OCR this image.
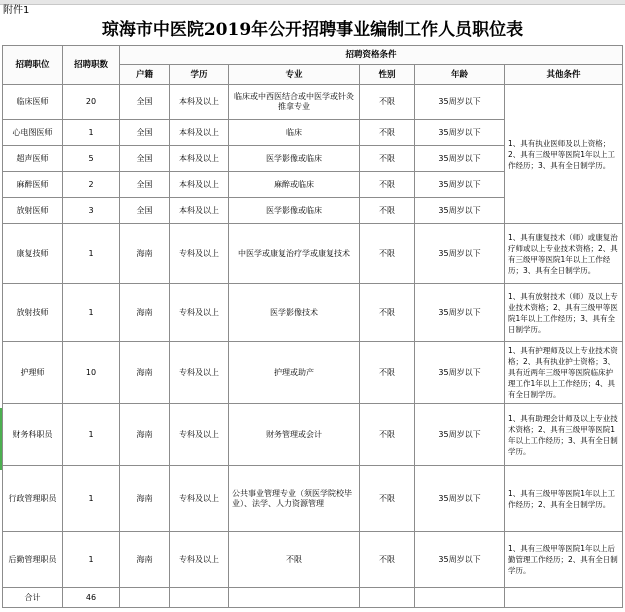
附件1
琼海市中医院2019年公开招聘事业编制工作人员职位表
招聘职位	招聘职数	招聘资格条件					
		户籍	学历	专业	性别	年龄	其他条件
临床医师	20	全国	本科及以上	临床或中西医结合或中医学或针灸推拿专业	不限	35周岁以下	1、具有执业医师及以上资格；2、具有三级甲等医院1年以上工作经历；3、具有全日制学历。
心电图医师	1	全国	本科及以上	临床	不限	35周岁以下	
超声医师	5	全国	本科及以上	医学影像或临床	不限	35周岁以下	
麻醉医师	2	全国	本科及以上	麻醉或临床	不限	35周岁以下	
放射医师	3	全国	本科及以上	医学影像或临床	不限	35周岁以下	
康复技师	1	海南	专科及以上	中医学或康复治疗学或康复技术	不限	35周岁以下	1、具有康复技术（师）或康复治疗师或以上专业技术资格；2、具有三级甲等医院1年以上工作经历；3、具有全日制学历。
放射技师	1	海南	专科及以上	医学影像技术	不限	35周岁以下	1、具有放射技术（师）及以上专业技术资格；2、具有三级甲等医院1年以上工作经历；3、具有全日制学历。
护理师	10	海南	专科及以上	护理或助产	不限	35周岁以下	1、具有护理师及以上专业技术资格；2、具有执业护士资格；3、具有近两年三级甲等医院临床护理工作1年以上工作经历；4、具有全日制学历。
财务科职员	1	海南	专科及以上	财务管理或会计	不限	35周岁以下	1、具有助理会计师及以上专业技术资格；2、具有三级甲等医院1年以上工作经历；3、具有全日制学历。
行政管理职员	1	海南	专科及以上	公共事业管理专业（须医学院校毕业）、法学、人力资源管理	不限	35周岁以下	1、具有三级甲等医院1年以上工作经历；2、具有全日制学历。
后勤管理职员	1	海南	专科及以上	不限	不限	35周岁以下	1、具有三级甲等医院1年以上后勤管理工作经历；2、具有全日制学历。
合计	46						
